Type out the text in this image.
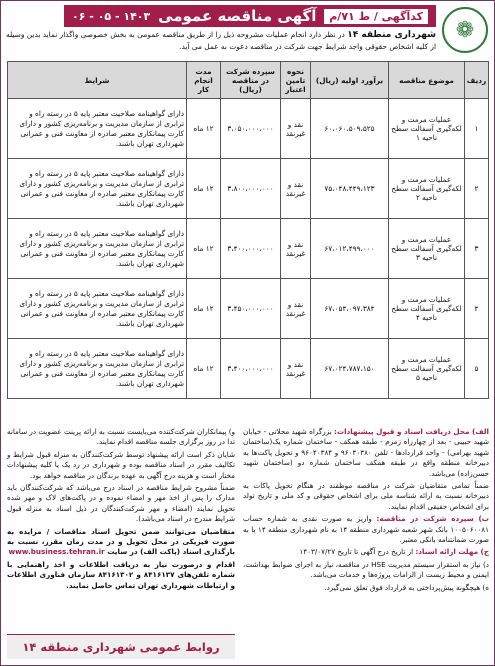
❁
کدآگهی / ط ۷۱/م
آگهی مناقصه عمومی
۱۴۰۳ - ۰۵ - ۰۶
شهرداری منطقه ۱۴ در نظر دارد انجام عملیات مشروحه ذیل را از طریق مناقصه عمومی به بخش خصوصی واگذار نماید بدین وسیله از کلیه اشخاص حقوقی واجد شرایط جهت شرکت در مناقصه دعوت به عمل می آید.
ردیف	موضوع مناقصه	برآورد اولیه (ریال)	نحوه تامین اعتبار	سپرده شرکت در مناقصه (ریال)	مدت انجام کار	شرایط
۱	عملیات مرمت و لکه‌گیری آسفالت سطح ناحیه ۱	۶۰،۰۶۰،۵۰۹،۵۲۵	نقد و غیرنقد	۳،۰۵۰،۰۰۰،۰۰۰	۱۲ ماه	دارای گواهینامه صلاحیت معتبر پایه ۵ در رسته راه و ترابری از سازمان مدیریت و برنامه‌ریزی کشور و دارای کارت پیمانکاری معتبر صادره از معاونت فنی و عمرانی شهرداری تهران باشند.
۲	عملیات مرمت و لکه‌گیری آسفالت سطح ناحیه ۲	۷۵،۰۴۸،۴۴۹،۱۲۳	نقد و غیرنقد	۳،۸۰۰،۰۰۰،۰۰۰	۱۲ ماه	دارای گواهینامه صلاحیت معتبر پایه ۵ در رسته راه و ترابری از سازمان مدیریت و برنامه‌ریزی کشور و دارای کارت پیمانکاری معتبر صادره از معاونت فنی و عمرانی شهرداری تهران باشند.
۳	عملیات مرمت و لکه‌گیری آسفالت سطح ناحیه ۳	۶۷،۰۱۲،۴۹۹،۰۰۰	نقد و غیرنقد	۳،۴۰۰،۰۰۰،۰۰۰	۱۲ ماه	دارای گواهینامه صلاحیت معتبر پایه ۵ در رسته راه و ترابری از سازمان مدیریت و برنامه‌ریزی کشور و دارای کارت پیمانکاری معتبر صادره از معاونت فنی و عمرانی شهرداری تهران باشند.
۴	عملیات مرمت و لکه‌گیری آسفالت سطح ناحیه ۴	۶۷،۰۵۴،۰۹۷،۳۸۴	نقد و غیرنقد	۳،۴۵۰،۰۰۰،۰۰۰	۱۲ ماه	دارای گواهینامه صلاحیت معتبر پایه ۵ در رسته راه و ترابری از سازمان مدیریت و برنامه‌ریزی کشور و دارای کارت پیمانکاری معتبر صادره از معاونت فنی و عمرانی شهرداری تهران باشند.
۵	عملیات مرمت و لکه‌گیری آسفالت سطح ناحیه ۵	۶۷،۰۲۴،۷۸۷،۱۵۰	نقد و غیرنقد	۳،۴۰۰،۰۰۰،۰۰۰	۱۲ ماه	دارای گواهینامه صلاحیت معتبر پایه ۵ در رسته راه و ترابری از سازمان مدیریت و برنامه‌ریزی کشور و دارای کارت پیمانکاری معتبر صادره از معاونت فنی و عمرانی شهرداری تهران باشند.

الف) محل دریافت اسناد و قبول پیشنهادات: بزرگراه شهید محلاتی - خیابان شهید حبیبی - بعد از چهارراه زمزم - طبقه همکف - ساختمان شماره یک(ساختمان شهید بهرامی) - واحد قراردادها - تلفن ۹۶۰۴۰۳۸۰ و ۹۶۰۴۰۳۸۴ و تحویل پاکت‌ها به دبیرخانه منطقه واقع در طبقه همکف ساختمان شماره دو (ساختمان شهید حسن‌زاده) می‌باشد.

ضمناً تمامی متقاضیان شرکت در مناقصه موظفند در هنگام تحویل پاکات به دبیرخانه نسبت به ارائه شناسه ملی برای اشخاص حقوقی و کد ملی و تاریخ تولد برای اشخاص حقیقی اقدام نمایند.

ب) سپرده شرکت در مناقصه: واریز به صورت نقدی به شماره حساب ۱۰۰۵۰۶۰۰۸۱ بانک شهر شعبه شهرداری منطقه ۱۴ به نام شهرداری منطقه ۱۴ یا به صورت ضمانتنامه بانکی معتبر.

ج) مهلت ارائه اسناد: از تاریخ درج آگهی تا تاریخ ۱۴۰۳/۰۷/۲۷

د) نیاز به استقرار سیستم مدیریت HSE در مناقصه، نیاز به اجرای ضوابط بهداشت، ایمنی و محیط زیست از الزامات پروژه‌ها و خدمات می‌باشد.

ه) هیچگونه پیش‌پرداختی به قرارداد فوق تعلق نمی‌گیرد.

و) پیمانکاران شرکت‌کننده می‌بایست نسبت به ارائه پرینت عضویت در سامانه تدا در روز برگزاری جلسه مناقصه اقدام نمایند.

شایان ذکر است ارائه پیشنهاد توسط شرکت‌کنندگان به منزله قبول شرایط و تکالیف مقرر در اسناد مناقصه بوده و شهرداری در رد یک یا کلیه پیشنهادات مختار است و هزینه درج آگهی به عهده برندگان در مناقصه خواهد بود.

ضمناً مشروح شرایط مناقصه در اسناد درج می‌باشد که شرکت‌کنندگان باید مدارک را پس از اخذ مهر و امضاء نموده و در پاکت‌های لاک و مهر شده تحویل نمایند (امضاء و مهر شرکت‌کنندگان در ذیل اسناد به منزله قبول شرایط مندرج در اسناد می‌باشد).

متقاضیان می‌توانند ضمن تحویل اسناد مناقصات / مزایده به صورت فیزیکی در محل تحویل و در مدت زمان مقرر، نسبت به بارگذاری اسناد (پاکت الف) در سایت www.business.tehran.ir

اقدام و درصورت نیاز به دریافت اطلاعات و اخذ راهنمایی با شماره تلفن‌های ۸۴۱۶۱۳۷ و ۸۴۱۶۱۳۰۲ سازمان فناوری اطلاعات و ارتباطات شهرداری تهران تماس حاصل نمایند.

روابط عمومی شهرداری منطقه ۱۴
